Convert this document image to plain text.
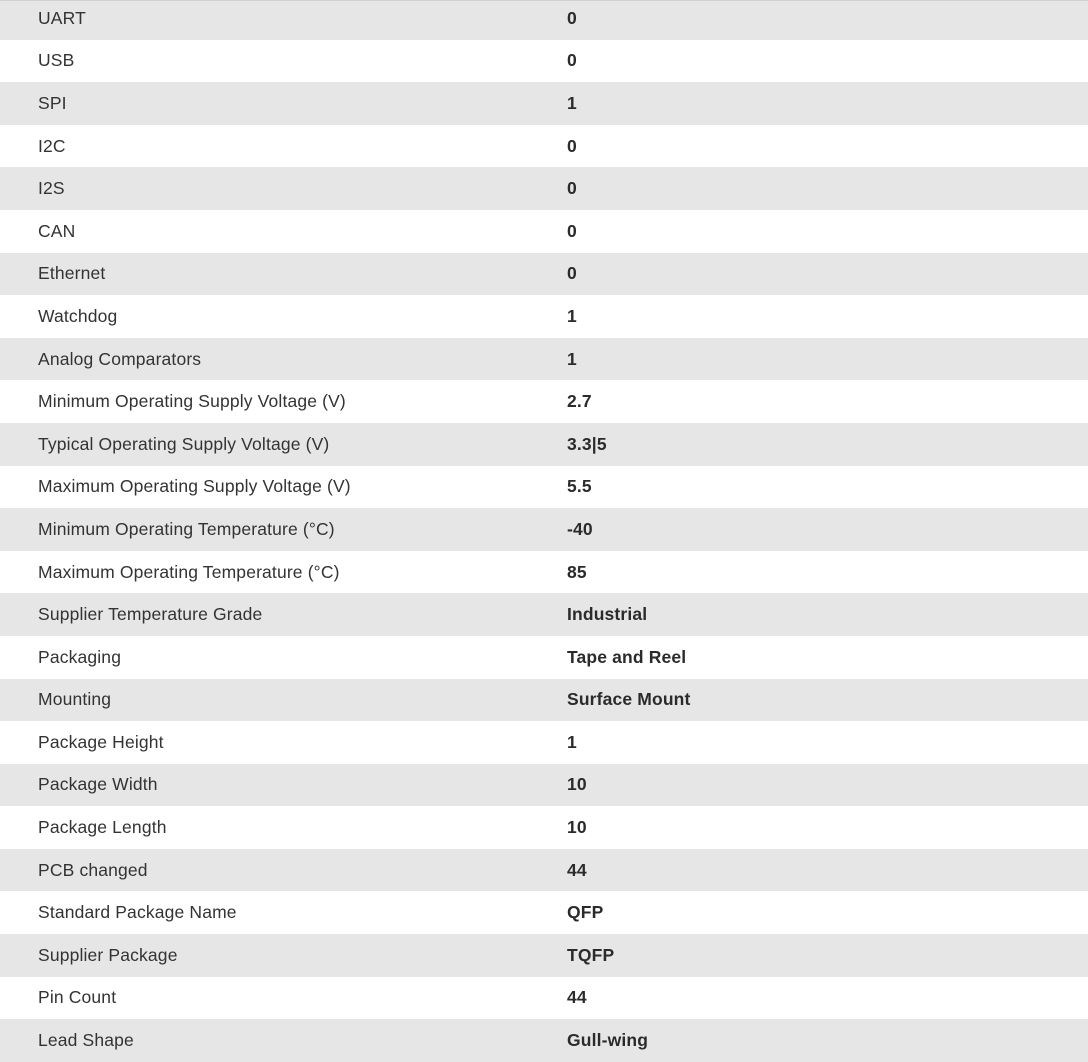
UART	0
USB	0
SPI	1
I2C	0
I2S	0
CAN	0
Ethernet	0
Watchdog	1
Analog Comparators	1
Minimum Operating Supply Voltage (V)	2.7
Typical Operating Supply Voltage (V)	3.3|5
Maximum Operating Supply Voltage (V)	5.5
Minimum Operating Temperature (°C)	-40
Maximum Operating Temperature (°C)	85
Supplier Temperature Grade	Industrial
Packaging	Tape and Reel
Mounting	Surface Mount
Package Height	1
Package Width	10
Package Length	10
PCB changed	44
Standard Package Name	QFP
Supplier Package	TQFP
Pin Count	44
Lead Shape	Gull-wing
